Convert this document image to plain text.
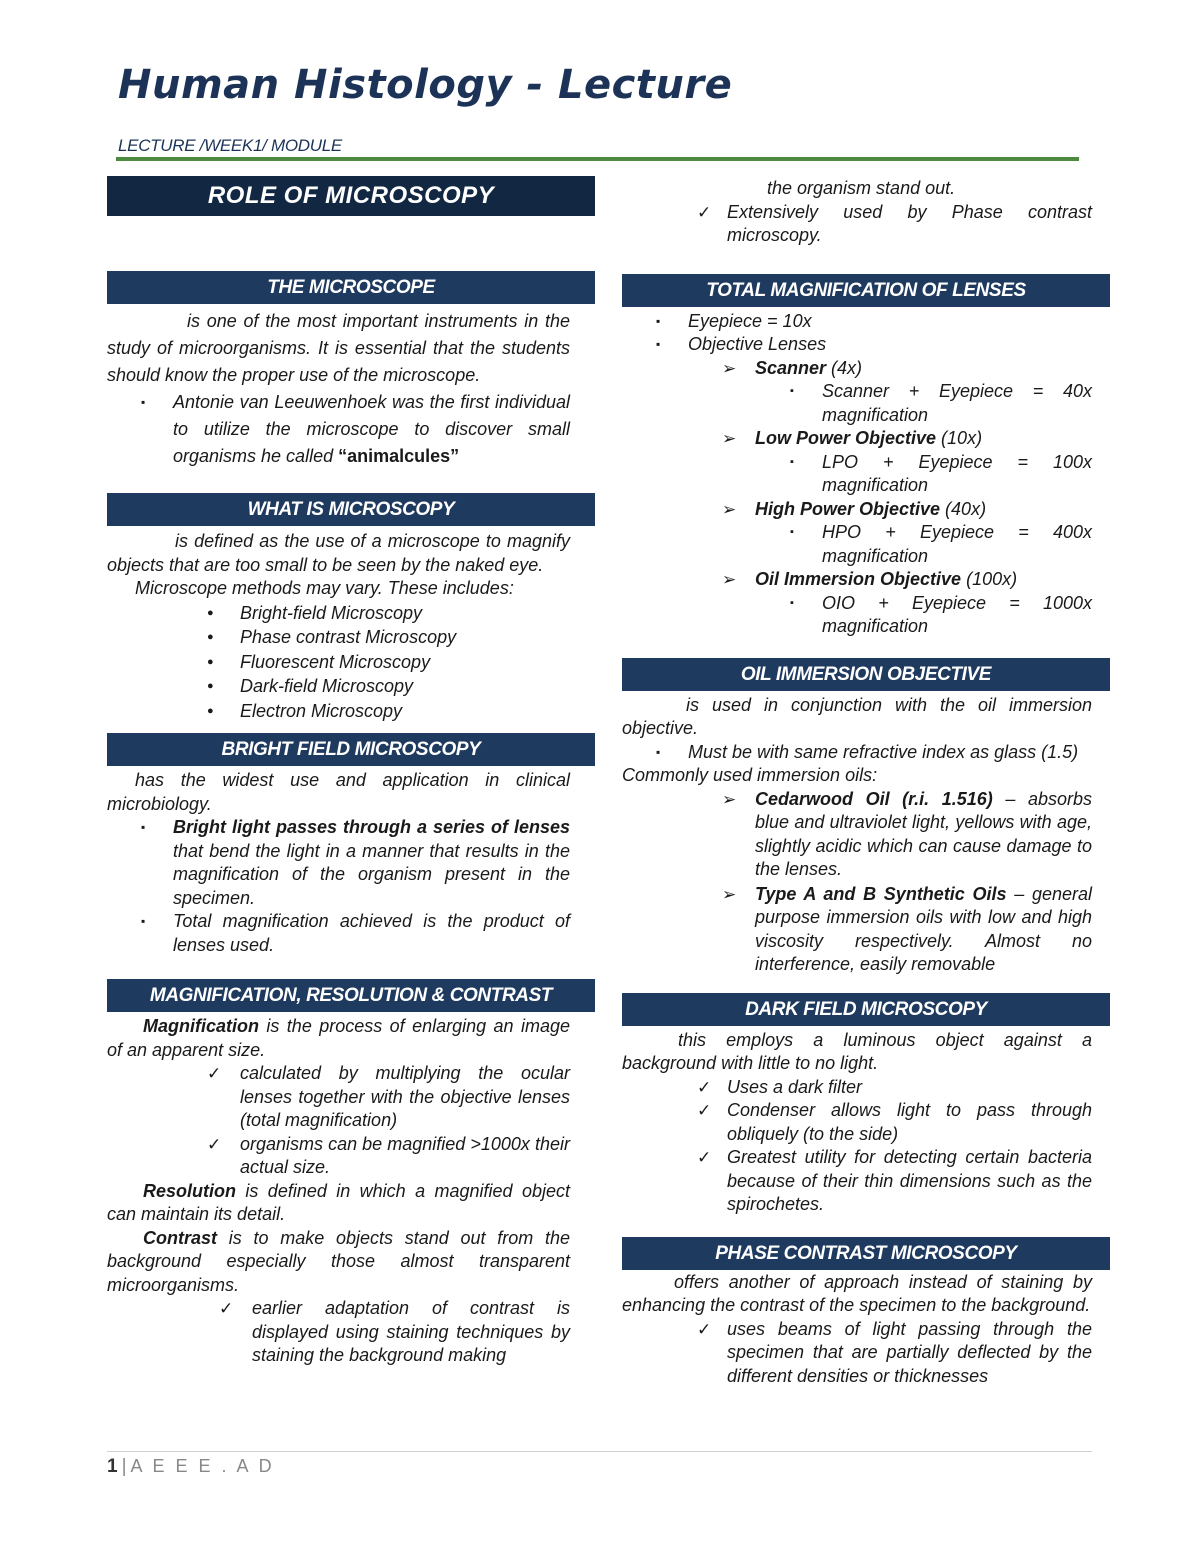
Human Histology - Lecture
LECTURE /WEEK1/ MODULE
ROLE OF MICROSCOPY
THE MICROSCOPE

is one of the most important instruments in the study of microorganisms. It is essential that the students should know the proper use of the microscope.

▪ Antonie van Leeuwenhoek was the first individual to utilize the microscope to discover small organisms he called “animalcules”
WHAT IS MICROSCOPY

is defined as the use of a microscope to magnify objects that are too small to be seen by the naked eye.

Microscope methods may vary. These includes:

● Bright-field Microscopy
● Phase contrast Microscopy
● Fluorescent Microscopy
● Dark-field Microscopy
● Electron Microscopy
BRIGHT FIELD MICROSCOPY

has the widest use and application in clinical microbiology.

▪ Bright light passes through a series of lenses that bend the light in a manner that results in the magnification of the organism present in the specimen.
▪ Total magnification achieved is the product of lenses used.
MAGNIFICATION, RESOLUTION & CONTRAST

Magnification is the process of enlarging an image of an apparent size.

✓ calculated by multiplying the ocular lenses together with the objective lenses (total magnification)
✓ organisms can be magnified >1000x their actual size.

Resolution is defined in which a magnified object can maintain its detail.

Contrast is to make objects stand out from the background especially those almost transparent microorganisms.

✓ earlier adaptation of contrast is displayed using staining techniques by staining the background making

the organism stand out.

✓ Extensively used by Phase contrast microscopy.
TOTAL MAGNIFICATION OF LENSES
▪ Eyepiece = 10x
▪ Objective Lenses
➢ Scanner (4x)
▪ Scanner + Eyepiece = 40x magnification
➢ Low Power Objective (10x)
▪ LPO + Eyepiece = 100x magnification
➢ High Power Objective (40x)
▪ HPO + Eyepiece = 400x magnification
➢ Oil Immersion Objective (100x)
▪ OIO + Eyepiece = 1000x magnification
OIL IMMERSION OBJECTIVE

is used in conjunction with the oil immersion objective.

▪ Must be with same refractive index as glass (1.5)

Commonly used immersion oils:

➢ Cedarwood Oil (r.i. 1.516) – absorbs blue and ultraviolet light, yellows with age, slightly acidic which can cause damage to the lenses.
➢ Type A and B Synthetic Oils – general purpose immersion oils with low and high viscosity respectively. Almost no interference, easily removable
DARK FIELD MICROSCOPY

this employs a luminous object against a background with little to no light.

✓ Uses a dark filter
✓ Condenser allows light to pass through obliquely (to the side)
✓ Greatest utility for detecting certain bacteria because of their thin dimensions such as the spirochetes.
PHASE CONTRAST MICROSCOPY

offers another of approach instead of staining by enhancing the contrast of the specimen to the background.

✓ uses beams of light passing through the specimen that are partially deflected by the different densities or thicknesses
1 | A E E E . A D
